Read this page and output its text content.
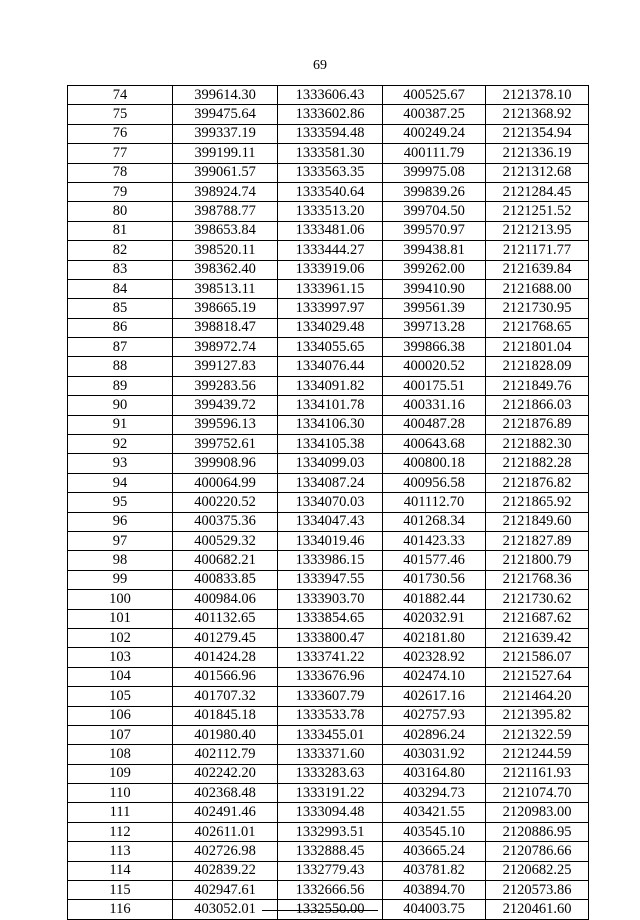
69
74	399614.30	1333606.43	400525.67	2121378.10
75	399475.64	1333602.86	400387.25	2121368.92
76	399337.19	1333594.48	400249.24	2121354.94
77	399199.11	1333581.30	400111.79	2121336.19
78	399061.57	1333563.35	399975.08	2121312.68
79	398924.74	1333540.64	399839.26	2121284.45
80	398788.77	1333513.20	399704.50	2121251.52
81	398653.84	1333481.06	399570.97	2121213.95
82	398520.11	1333444.27	399438.81	2121171.77
83	398362.40	1333919.06	399262.00	2121639.84
84	398513.11	1333961.15	399410.90	2121688.00
85	398665.19	1333997.97	399561.39	2121730.95
86	398818.47	1334029.48	399713.28	2121768.65
87	398972.74	1334055.65	399866.38	2121801.04
88	399127.83	1334076.44	400020.52	2121828.09
89	399283.56	1334091.82	400175.51	2121849.76
90	399439.72	1334101.78	400331.16	2121866.03
91	399596.13	1334106.30	400487.28	2121876.89
92	399752.61	1334105.38	400643.68	2121882.30
93	399908.96	1334099.03	400800.18	2121882.28
94	400064.99	1334087.24	400956.58	2121876.82
95	400220.52	1334070.03	401112.70	2121865.92
96	400375.36	1334047.43	401268.34	2121849.60
97	400529.32	1334019.46	401423.33	2121827.89
98	400682.21	1333986.15	401577.46	2121800.79
99	400833.85	1333947.55	401730.56	2121768.36
100	400984.06	1333903.70	401882.44	2121730.62
101	401132.65	1333854.65	402032.91	2121687.62
102	401279.45	1333800.47	402181.80	2121639.42
103	401424.28	1333741.22	402328.92	2121586.07
104	401566.96	1333676.96	402474.10	2121527.64
105	401707.32	1333607.79	402617.16	2121464.20
106	401845.18	1333533.78	402757.93	2121395.82
107	401980.40	1333455.01	402896.24	2121322.59
108	402112.79	1333371.60	403031.92	2121244.59
109	402242.20	1333283.63	403164.80	2121161.93
110	402368.48	1333191.22	403294.73	2121074.70
111	402491.46	1333094.48	403421.55	2120983.00
112	402611.01	1332993.51	403545.10	2120886.95
113	402726.98	1332888.45	403665.24	2120786.66
114	402839.22	1332779.43	403781.82	2120682.25
115	402947.61	1332666.56	403894.70	2120573.86
116	403052.01	1332550.00	404003.75	2120461.60
